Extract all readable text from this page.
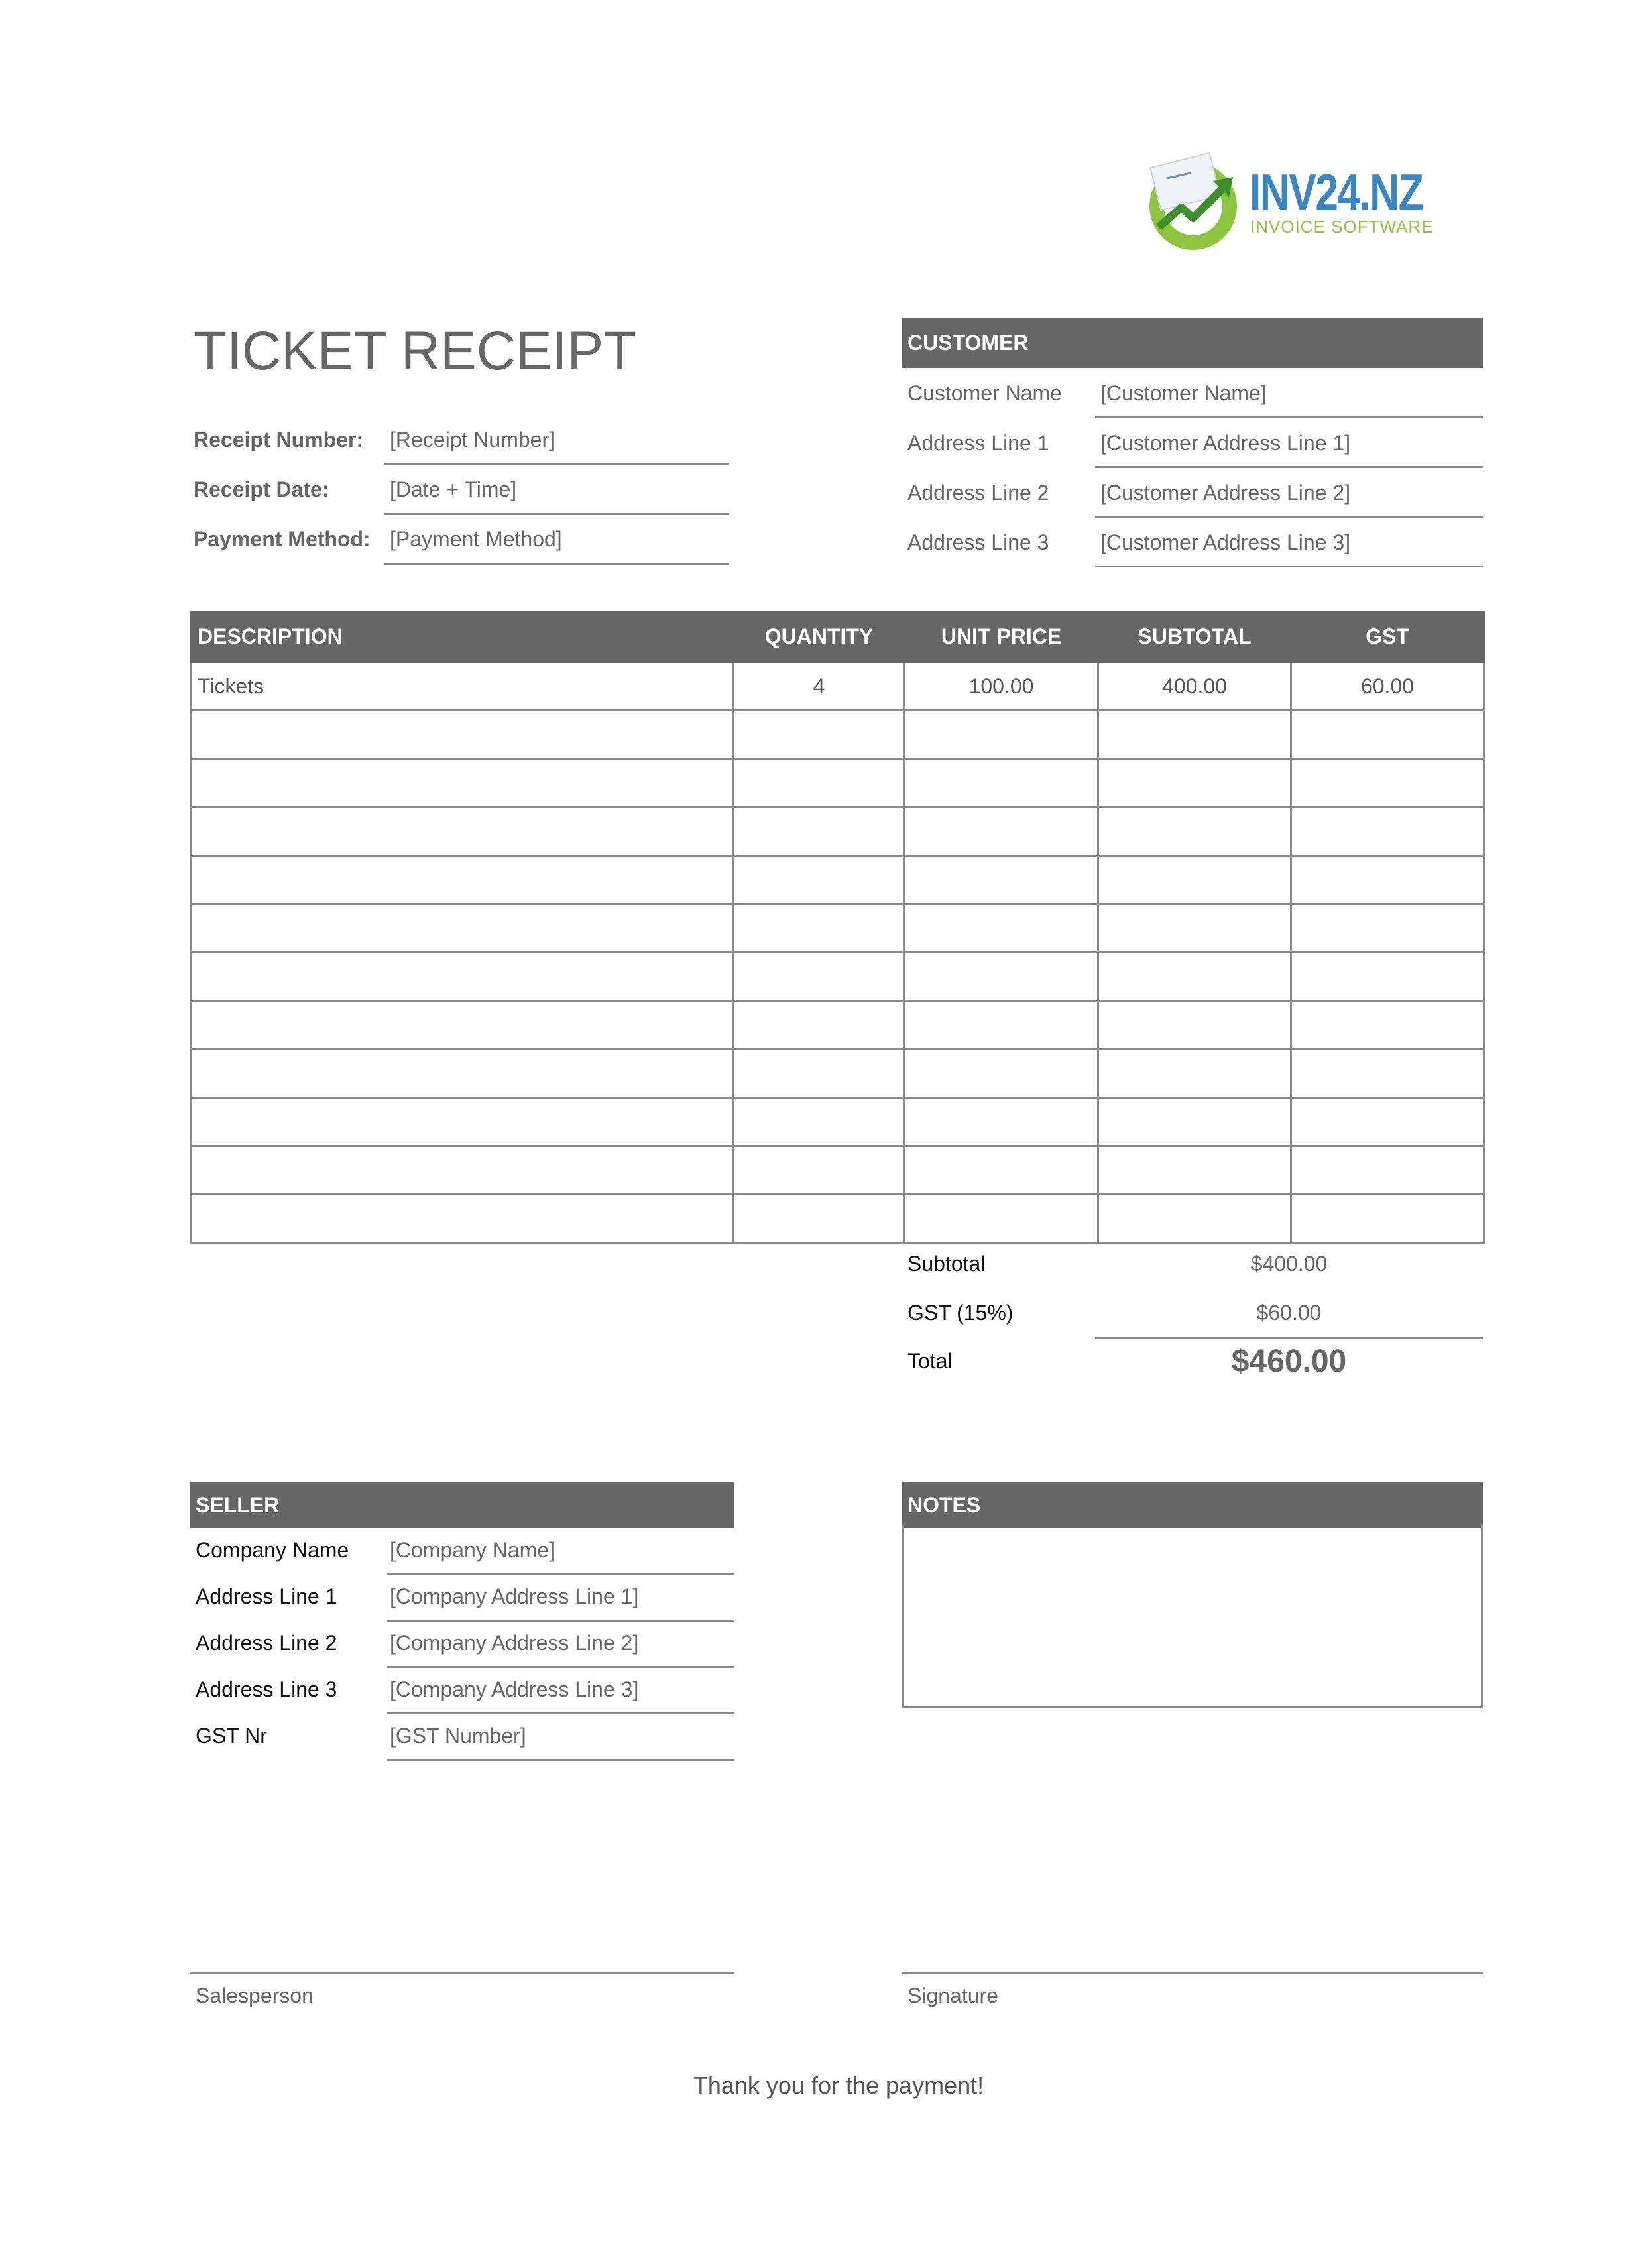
INV24.NZ
INVOICE SOFTWARE
TICKET RECEIPT
Receipt Number: [Receipt Number]
Receipt Date:	[Date + Time]
Payment Method: [Payment Method]
CUSTOMER
Customer Name [Customer Name]
Address Line 1 [Customer Address Line 1]
Address Line 2 [Customer Address Line 2]
Address Line 3 [Customer Address Line 3]
DESCRIPTION	QUANTITY	UNIT PRICE	SUBTOTAL	GST
Tickets	4	100.00	400.00	60.00

Subtotal	$400.00
GST (15%)	$60.00
Total	$460.00
SELLER
Company Name [Company Name]
Address Line 1 [Company Address Line 1]
Address Line 2 [Company Address Line 2]
Address Line 3 [Company Address Line 3]
GST Nr	[GST Number]
NOTES
Salesperson	Signature
Thank you for the payment!
